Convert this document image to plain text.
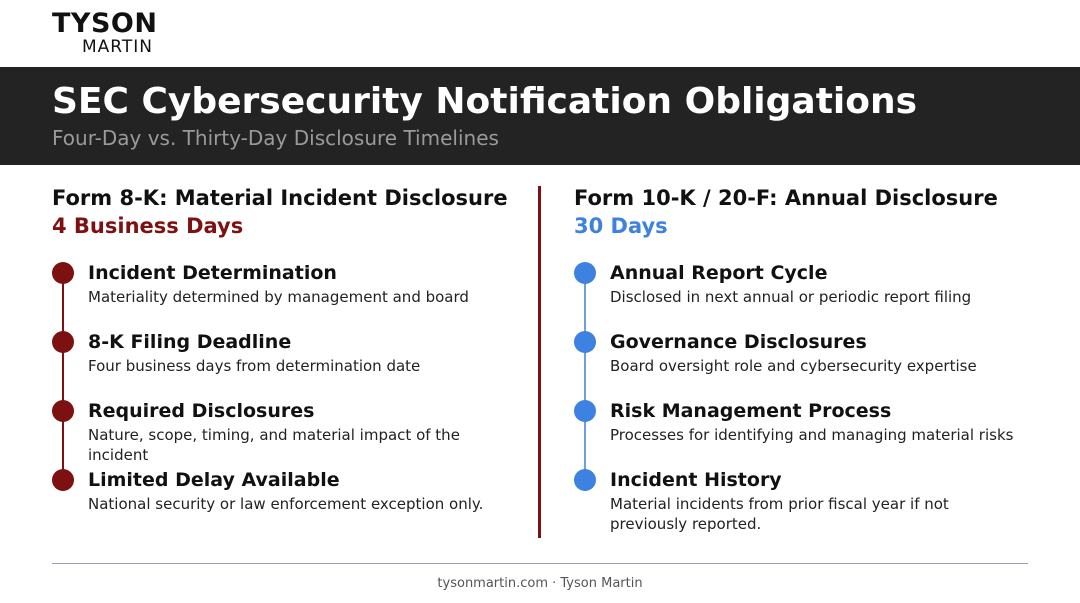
TYSON
MARTIN
SEC Cybersecurity Notification Obligations
Four-Day vs. Thirty-Day Disclosure Timelines
Form 8-K: Material Incident Disclosure
4 Business Days
Incident Determination
Materiality determined by management and board
8-K Filing Deadline
Four business days from determination date
Required Disclosures
Nature, scope, timing, and material impact of the incident
Limited Delay Available
National security or law enforcement exception only.
Form 10-K / 20-F: Annual Disclosure
30 Days
Annual Report Cycle
Disclosed in next annual or periodic report filing
Governance Disclosures
Board oversight role and cybersecurity expertise
Risk Management Process
Processes for identifying and managing material risks
Incident History
Material incidents from prior fiscal year if not previously reported.
tysonmartin.com · Tyson Martin
